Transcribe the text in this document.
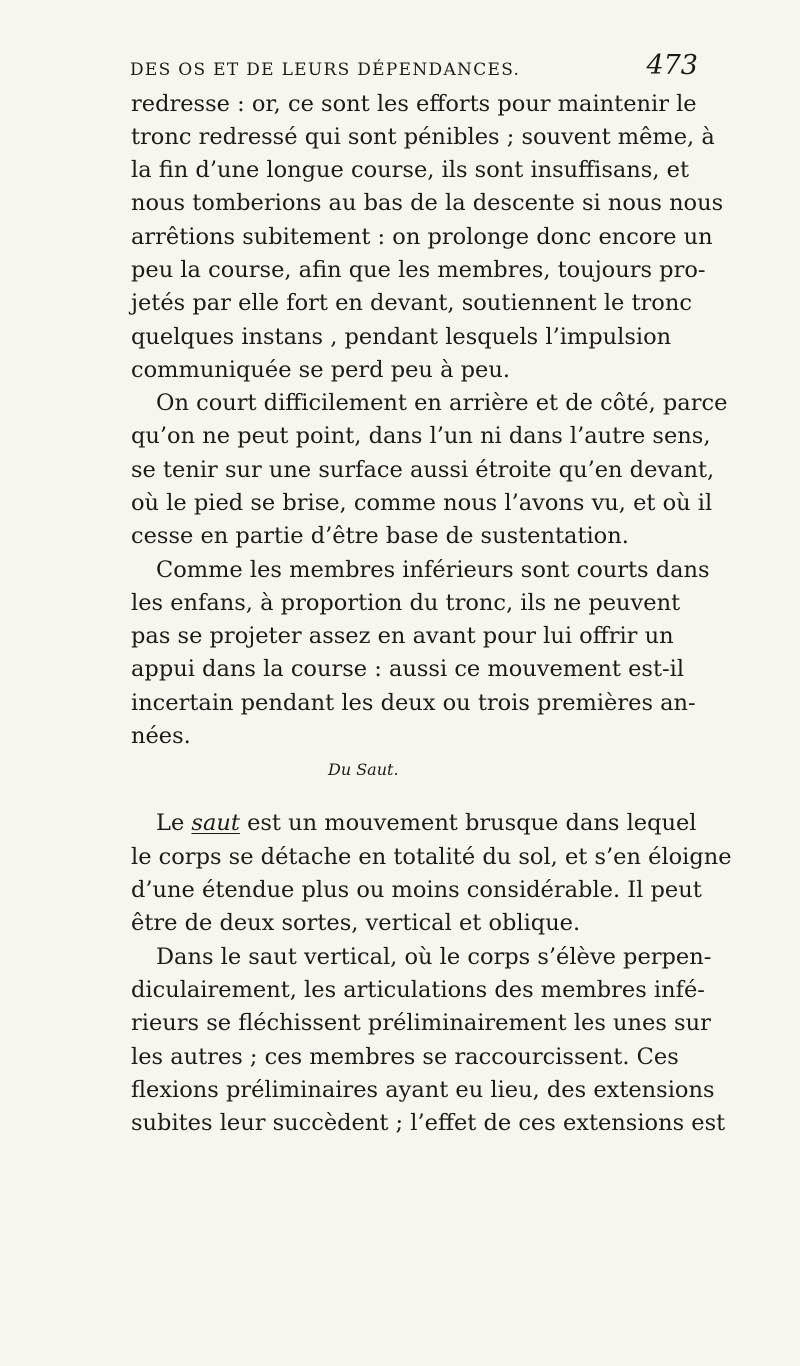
DES OS ET DE LEURS DÉPENDANCES.	473
redresse : or, ce sont les efforts pour maintenir le
tronc redressé qui sont pénibles ; souvent même, à
la fin d’une longue course, ils sont insuffisans, et
nous tomberions au bas de la descente si nous nous
arrêtions subitement : on prolonge donc encore un
peu la course, afin que les membres, toujours pro-
jetés par elle fort en devant, soutiennent le tronc
quelques instans , pendant lesquels l’impulsion
communiquée se perd peu à peu.
On court difficilement en arrière et de côté, parce
qu’on ne peut point, dans l’un ni dans l’autre sens,
se tenir sur une surface aussi étroite qu’en devant,
où le pied se brise, comme nous l’avons vu, et où il
cesse en partie d’être base de sustentation.
Comme les membres inférieurs sont courts dans
les enfans, à proportion du tronc, ils ne peuvent
pas se projeter assez en avant pour lui offrir un
appui dans la course : aussi ce mouvement est-il
incertain pendant les deux ou trois premières an-
nées.
Du Saut.
Le saut est un mouvement brusque dans lequel
le corps se détache en totalité du sol, et s’en éloigne
d’une étendue plus ou moins considérable. Il peut
être de deux sortes, vertical et oblique.
Dans le saut vertical, où le corps s’élève perpen-
diculairement, les articulations des membres infé-
rieurs se fléchissent préliminairement les unes sur
les autres ; ces membres se raccourcissent. Ces
flexions préliminaires ayant eu lieu, des extensions
subites leur succèdent ; l’effet de ces extensions est
